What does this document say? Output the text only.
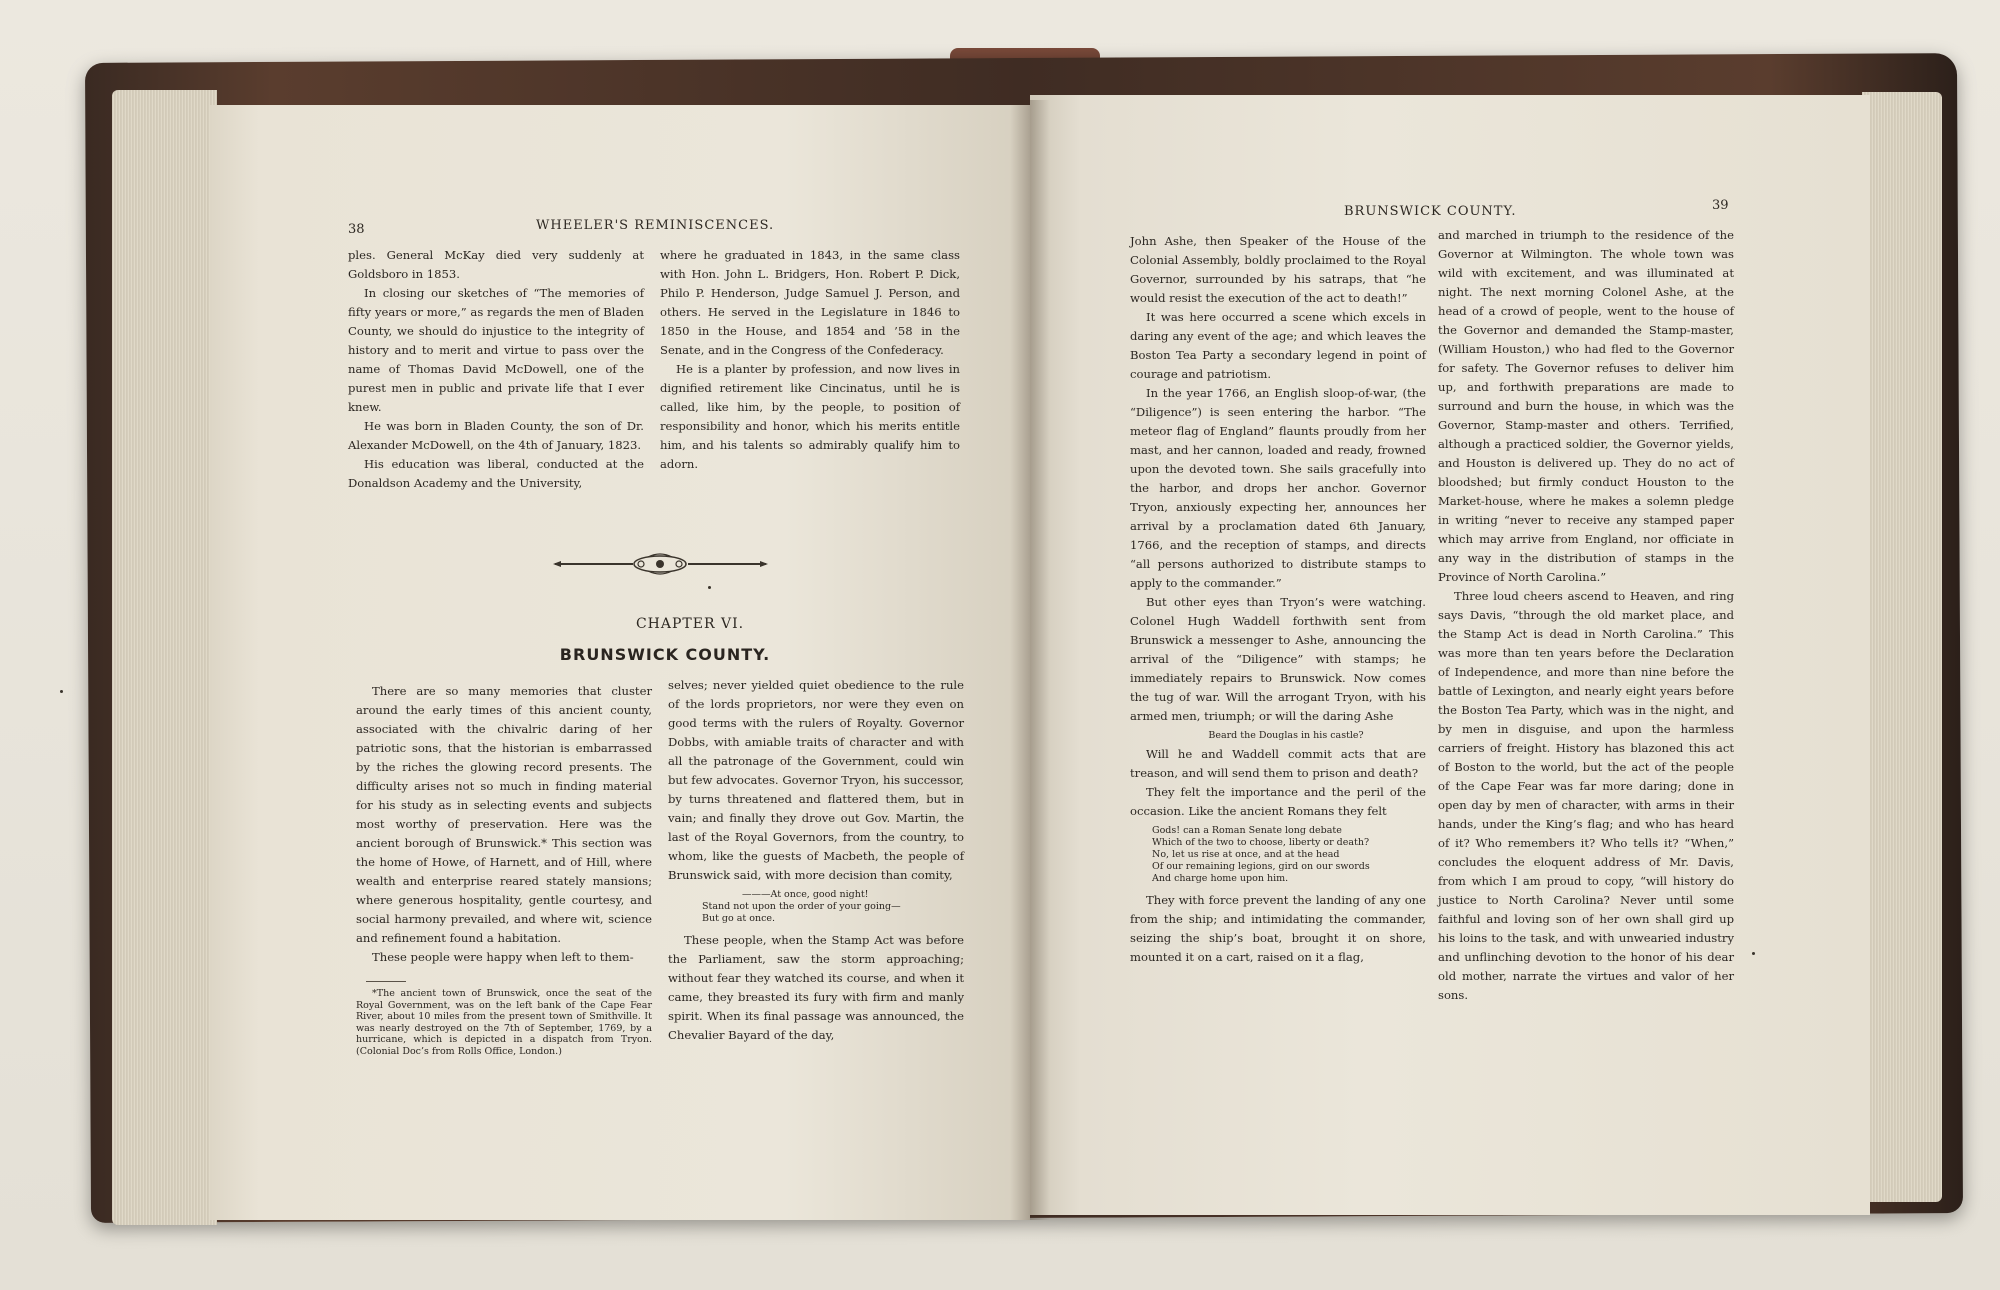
38	WHEELER'S REMINISCENCES.

ples. General McKay died very suddenly at Goldsboro in 1853.

In closing our sketches of “The memories of fifty years or more,” as regards the men of Bladen County, we should do injustice to the integrity of history and to merit and virtue to pass over the name of Thomas David McDowell, one of the purest men in public and private life that I ever knew.

He was born in Bladen County, the son of Dr. Alexander McDowell, on the 4th of January, 1823.

His education was liberal, conducted at the Donaldson Academy and the University,

where he graduated in 1843, in the same class with Hon. John L. Bridgers, Hon. Robert P. Dick, Philo P. Henderson, Judge Samuel J. Person, and others. He served in the Legislature in 1846 to 1850 in the House, and 1854 and ’58 in the Senate, and in the Congress of the Confederacy.

He is a planter by profession, and now lives in dignified retirement like Cincinatus, until he is called, like him, by the people, to position of responsibility and honor, which his merits entitle him, and his talents so admirably qualify him to adorn.

CHAPTER VI.
BRUNSWICK COUNTY.

There are so many memories that cluster around the early times of this ancient county, associated with the chivalric daring of her patriotic sons, that the historian is embarrassed by the riches the glowing record presents. The difficulty arises not so much in finding material for his study as in selecting events and subjects most worthy of preservation. Here was the ancient borough of Brunswick.* This section was the home of Howe, of Harnett, and of Hill, where wealth and enterprise reared stately mansions; where generous hospitality, gentle courtesy, and social harmony prevailed, and where wit, science and refinement found a habitation.

These people were happy when left to them-

*The ancient town of Brunswick, once the seat of the Royal Government, was on the left bank of the Cape Fear River, about 10 miles from the present town of Smithville. It was nearly destroyed on the 7th of September, 1769, by a hurricane, which is depicted in a dispatch from Tryon. (Colonial Doc’s from Rolls Office, London.)

selves; never yielded quiet obedience to the rule of the lords proprietors, nor were they even on good terms with the rulers of Royalty. Governor Dobbs, with amiable traits of character and with all the patronage of the Government, could win but few advocates. Governor Tryon, his successor, by turns threatened and flattered them, but in vain; and finally they drove out Gov. Martin, the last of the Royal Governors, from the country, to whom, like the guests of Macbeth, the people of Brunswick said, with more decision than comity,

———At once, good night!
Stand not upon the order of your going—
But go at once.

These people, when the Stamp Act was before the Parliament, saw the storm approaching; without fear they watched its course, and when it came, they breasted its fury with firm and manly spirit. When its final passage was announced, the Chevalier Bayard of the day,

BRUNSWICK COUNTY.	39

John Ashe, then Speaker of the House of the Colonial Assembly, boldly proclaimed to the Royal Governor, surrounded by his satraps, that “he would resist the execution of the act to death!”

It was here occurred a scene which excels in daring any event of the age; and which leaves the Boston Tea Party a secondary legend in point of courage and patriotism.

In the year 1766, an English sloop-of-war, (the “Diligence”) is seen entering the harbor. “The meteor flag of England” flaunts proudly from her mast, and her cannon, loaded and ready, frowned upon the devoted town. She sails gracefully into the harbor, and drops her anchor. Governor Tryon, anxiously expecting her, announces her arrival by a proclamation dated 6th January, 1766, and the reception of stamps, and directs “all persons authorized to distribute stamps to apply to the commander.”

But other eyes than Tryon’s were watching. Colonel Hugh Waddell forthwith sent from Brunswick a messenger to Ashe, announcing the arrival of the “Diligence” with stamps; he immediately repairs to Brunswick. Now comes the tug of war. Will the arrogant Tryon, with his armed men, triumph; or will the daring Ashe

Beard the Douglas in his castle?

Will he and Waddell commit acts that are treason, and will send them to prison and death?

They felt the importance and the peril of the occasion. Like the ancient Romans they felt

Gods! can a Roman Senate long debate
Which of the two to choose, liberty or death?
No, let us rise at once, and at the head
Of our remaining legions, gird on our swords
And charge home upon him.

They with force prevent the landing of any one from the ship; and intimidating the commander, seizing the ship’s boat, brought it on shore, mounted it on a cart, raised on it a flag,

and marched in triumph to the residence of the Governor at Wilmington. The whole town was wild with excitement, and was illuminated at night. The next morning Colonel Ashe, at the head of a crowd of people, went to the house of the Governor and demanded the Stamp-master, (William Houston,) who had fled to the Governor for safety. The Governor refuses to deliver him up, and forthwith preparations are made to surround and burn the house, in which was the Governor, Stamp-master and others. Terrified, although a practiced soldier, the Governor yields, and Houston is delivered up. They do no act of bloodshed; but firmly conduct Houston to the Market-house, where he makes a solemn pledge in writing “never to receive any stamped paper which may arrive from England, nor officiate in any way in the distribution of stamps in the Province of North Carolina.”

Three loud cheers ascend to Heaven, and ring says Davis, “through the old market place, and the Stamp Act is dead in North Carolina.” This was more than ten years before the Declaration of Independence, and more than nine before the battle of Lexington, and nearly eight years before the Boston Tea Party, which was in the night, and by men in disguise, and upon the harmless carriers of freight. History has blazoned this act of Boston to the world, but the act of the people of the Cape Fear was far more daring; done in open day by men of character, with arms in their hands, under the King’s flag; and who has heard of it? Who remembers it? Who tells it? “When,” concludes the eloquent address of Mr. Davis, from which I am proud to copy, “will history do justice to North Carolina? Never until some faithful and loving son of her own shall gird up his loins to the task, and with unwearied industry and unflinching devotion to the honor of his dear old mother, narrate the virtues and valor of her sons.
